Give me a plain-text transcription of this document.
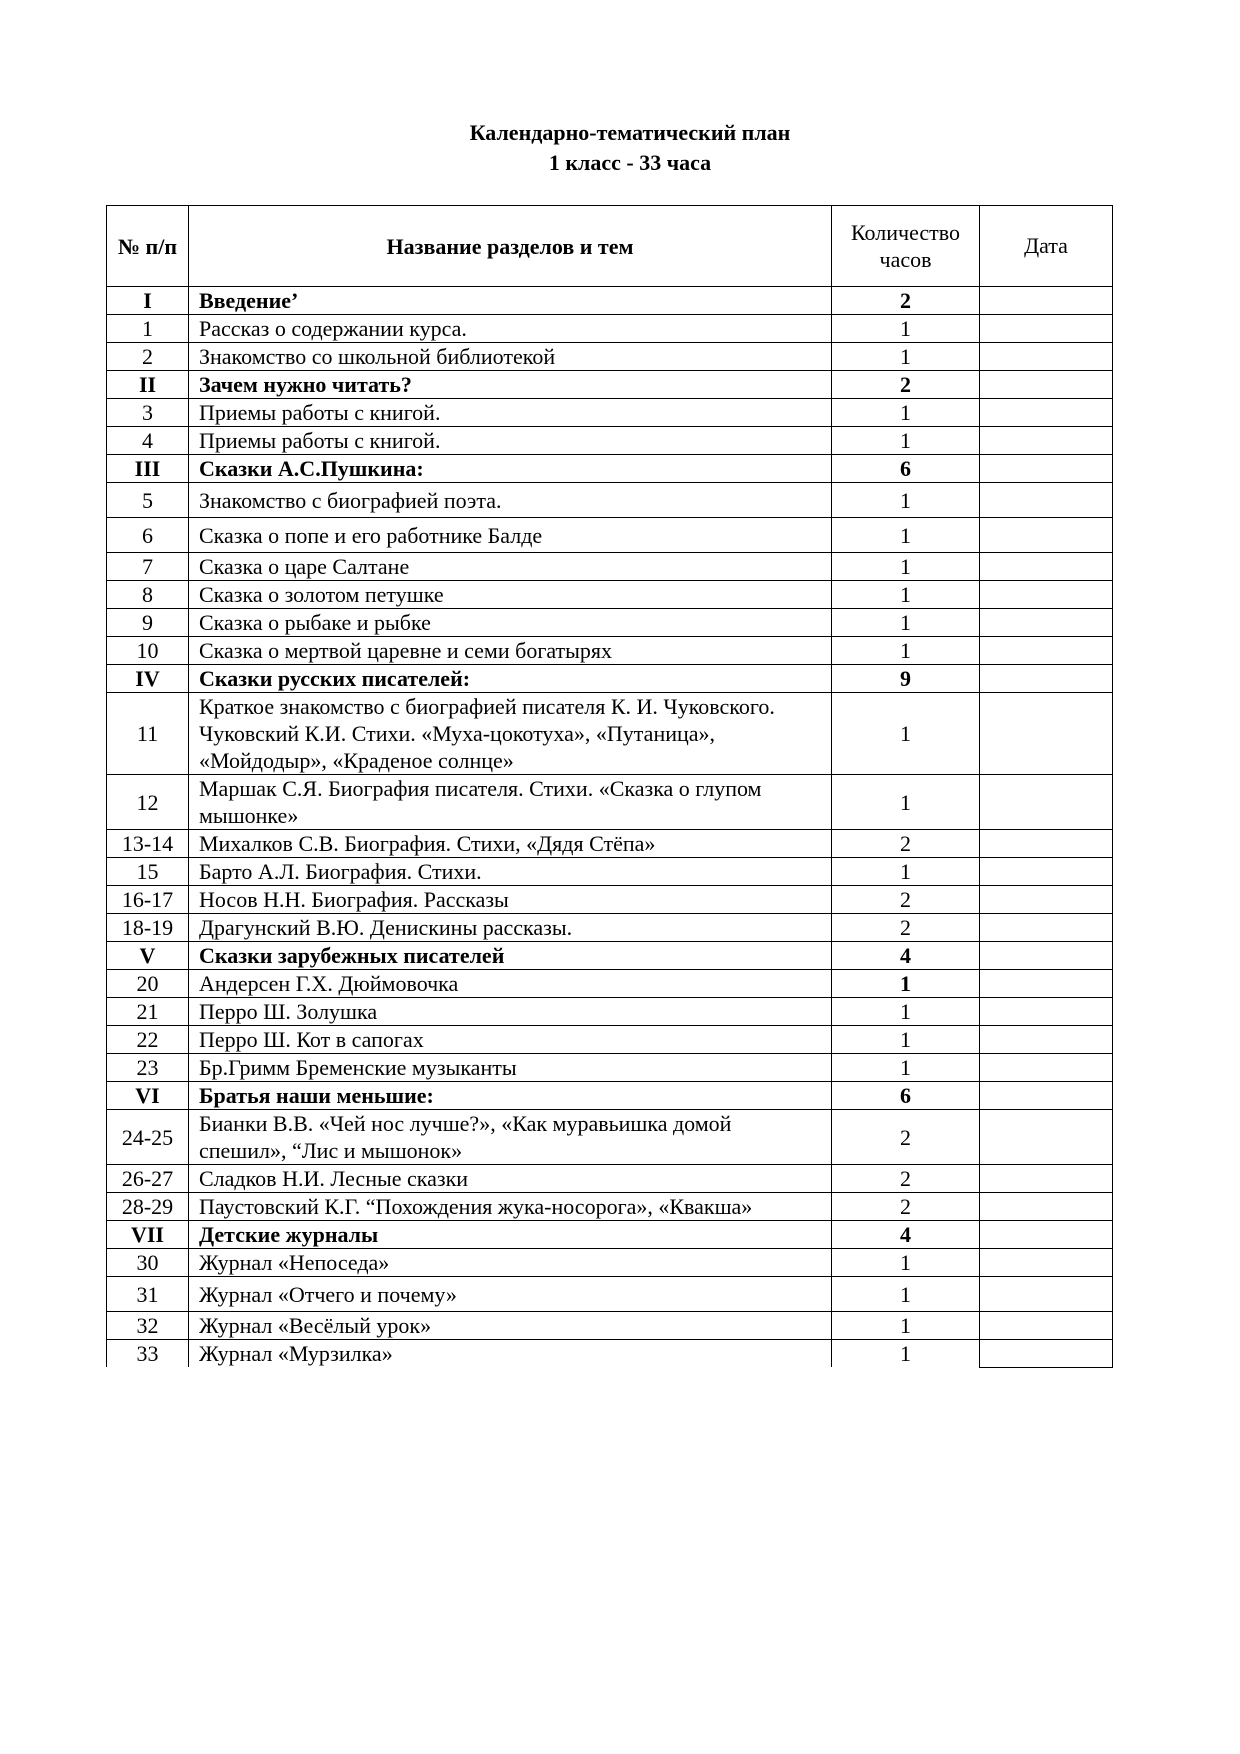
Календарно-тематический план
1 класс - 33 часа
№ п/п	Название разделов и тем	Количество часов	Дата
I	Введение’	2	
1	Рассказ о содержании курса.	1	
2	Знакомство со школьной библиотекой	1	
II	Зачем нужно читать?	2	
3	Приемы работы с книгой.	1	
4	Приемы работы с книгой.	1	
III	Сказки А.С.Пушкина:	6	
5	Знакомство с биографией поэта.	1	
6	Сказка о попе и его работнике Балде	1	
7	Сказка о царе Салтане	1	
8	Сказка о золотом петушке	1	
9	Сказка о рыбаке и рыбке	1	
10	Сказка о мертвой царевне и семи богатырях	1	
IV	Сказки русских писателей:	9	
11	Краткое знакомство с биографией писателя К. И. Чуковского. Чуковский К.И. Стихи. «Муха-цокотуха», «Путаница», «Мойдодыр», «Краденое солнце»	1	
12	Маршак С.Я. Биография писателя. Стихи. «Сказка о глупом мышонке»	1	
13-14	Михалков С.В. Биография. Стихи, «Дядя Стёпа»	2	
15	Барто А.Л. Биография. Стихи.	1	
16-17	Носов Н.Н. Биография. Рассказы	2	
18-19	Драгунский В.Ю. Денискины рассказы.	2	
V	Сказки зарубежных писателей	4	
20	Андерсен Г.Х. Дюймовочка	1	
21	Перро Ш. Золушка	1	
22	Перро Ш. Кот в сапогах	1	
23	Бр.Гримм Бременские музыканты	1	
VI	Братья наши меньшие:	6	
24-25	Бианки В.В. «Чей нос лучше?», «Как муравьишка домой спешил», “Лис и мышонок»	2	
26-27	Сладков Н.И. Лесные сказки	2	
28-29	Паустовский К.Г. “Похождения жука-носорога», «Квакша»	2	
VII	Детские журналы	4	
30	Журнал «Непоседа»	1	
31	Журнал «Отчего и почему»	1	
32	Журнал «Весёлый урок»	1	
33	Журнал «Мурзилка»	1	
